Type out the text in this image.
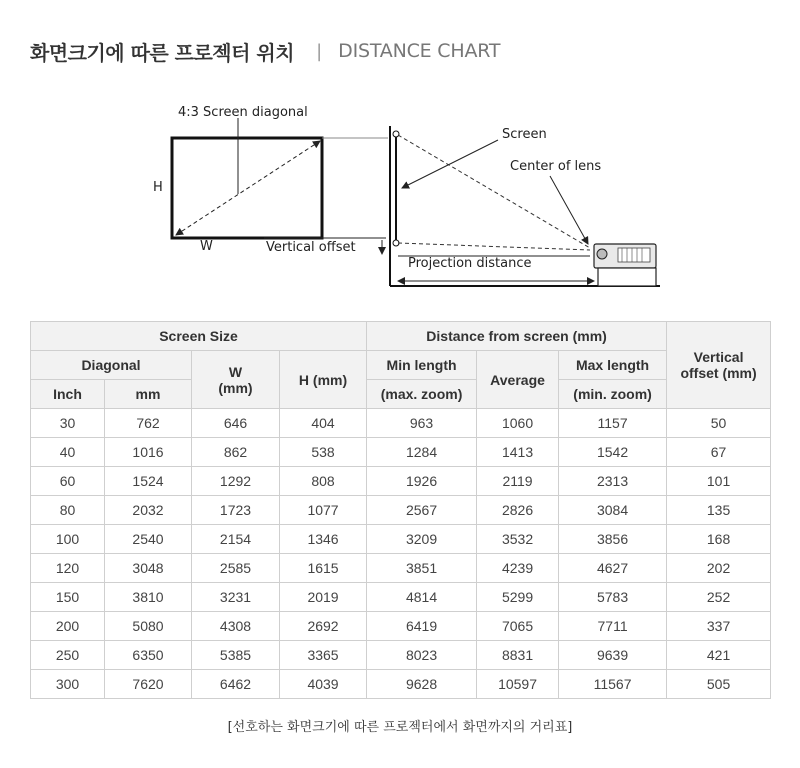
화면크기에 따른 프로젝터 위치 | DISTANCE CHART
4:3 Screen diagonal
H
W
Screen
Center of lens
Vertical offset
Projection distance
Screen Size				Distance from screen (mm)			Vertical offset (mm)
Diagonal		W (mm)	H (mm)	Min length	Average	Max length	
Inch	mm			(max. zoom)		(min. zoom)	
30	762	646	404	963	1060	1157	50
40	1016	862	538	1284	1413	1542	67
60	1524	1292	808	1926	2119	2313	101
80	2032	1723	1077	2567	2826	3084	135
100	2540	2154	1346	3209	3532	3856	168
120	3048	2585	1615	3851	4239	4627	202
150	3810	3231	2019	4814	5299	5783	252
200	5080	4308	2692	6419	7065	7711	337
250	6350	5385	3365	8023	8831	9639	421
300	7620	6462	4039	9628	10597	11567	505
[선호하는 화면크기에 따른 프로젝터에서 화면까지의 거리표]
